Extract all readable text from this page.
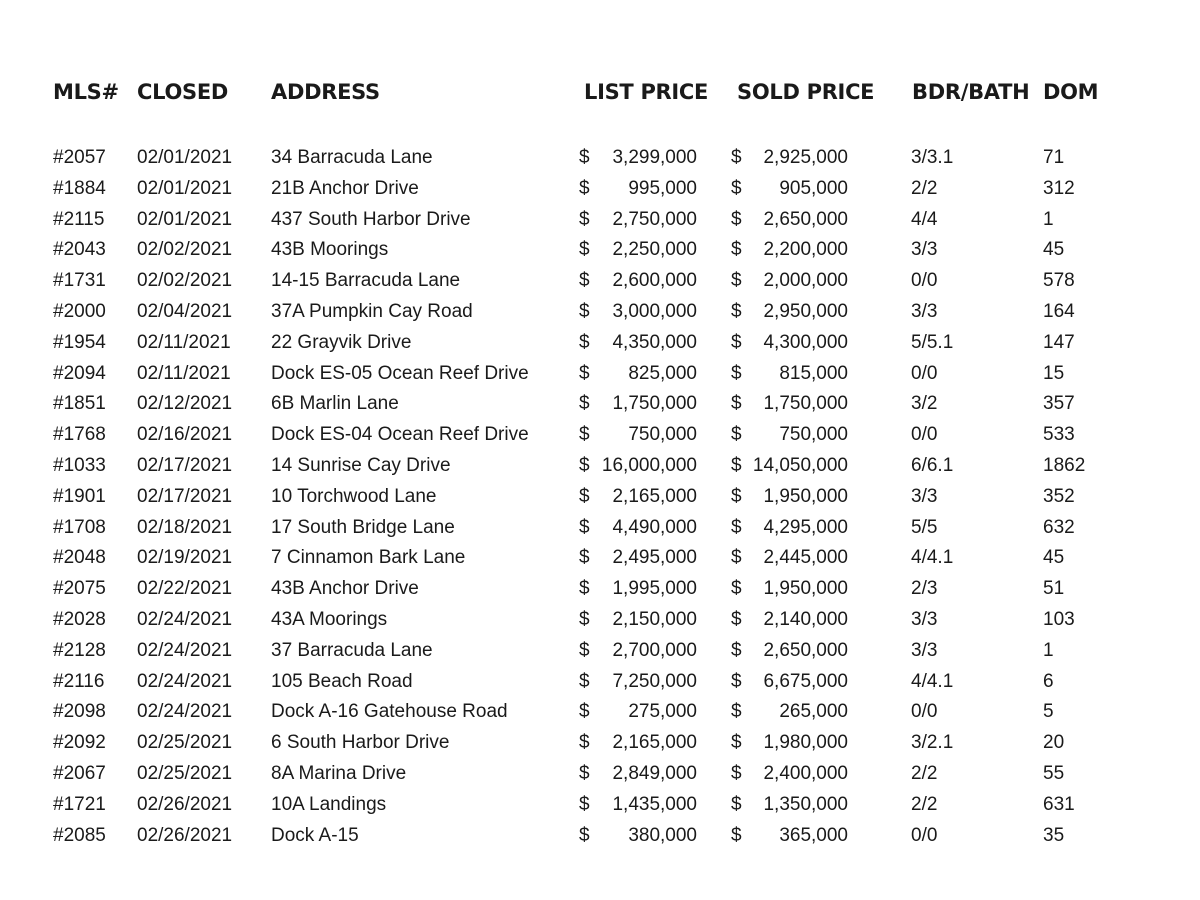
MLS# CLOSED ADDRESS	LIST PRICE SOLD PRICE BDR/BATH DOM
#2057 02/01/2021 34 Barracuda Lane	$ 3,299,000 $ 2,925,000	3/3.1	71
#1884 02/01/2021 21B Anchor Drive	$ 995,000 $ 905,000	2/2	312
#2115 02/01/2021 437 South Harbor Drive	$ 2,750,000 $ 2,650,000	4/4	1
#2043 02/02/2021 43B Moorings	$ 2,250,000 $ 2,200,000	3/3	45
#1731 02/02/2021 14-15 Barracuda Lane	$ 2,600,000 $ 2,000,000	0/0	578
#2000 02/04/2021 37A Pumpkin Cay Road	$ 3,000,000 $ 2,950,000	3/3	164
#1954 02/11/2021 22 Grayvik Drive	$ 4,350,000 $ 4,300,000	5/5.1	147
#2094 02/11/2021 Dock ES-05 Ocean Reef Drive	$ 825,000 $ 815,000	0/0	15
#1851 02/12/2021 6B Marlin Lane	$ 1,750,000 $ 1,750,000	3/2	357
#1768 02/16/2021 Dock ES-04 Ocean Reef Drive	$ 750,000 $ 750,000	0/0	533
#1033 02/17/2021 14 Sunrise Cay Drive	$ 16,000,000 $ 14,050,000	6/6.1	1862
#1901 02/17/2021 10 Torchwood Lane	$ 2,165,000 $ 1,950,000	3/3	352
#1708 02/18/2021 17 South Bridge Lane	$ 4,490,000 $ 4,295,000	5/5	632
#2048 02/19/2021 7 Cinnamon Bark Lane	$ 2,495,000 $ 2,445,000	4/4.1	45
#2075 02/22/2021 43B Anchor Drive	$ 1,995,000 $ 1,950,000	2/3	51
#2028 02/24/2021 43A Moorings	$ 2,150,000 $ 2,140,000	3/3	103
#2128 02/24/2021 37 Barracuda Lane	$ 2,700,000 $ 2,650,000	3/3	1
#2116 02/24/2021 105 Beach Road	$ 7,250,000 $ 6,675,000	4/4.1	6
#2098 02/24/2021 Dock A-16 Gatehouse Road	$ 275,000 $ 265,000	0/0	5
#2092 02/25/2021 6 South Harbor Drive	$ 2,165,000 $ 1,980,000	3/2.1	20
#2067 02/25/2021 8A Marina Drive	$ 2,849,000 $ 2,400,000	2/2	55
#1721 02/26/2021 10A Landings	$ 1,435,000 $ 1,350,000	2/2	631
#2085 02/26/2021 Dock A-15	$ 380,000 $ 365,000	0/0	35
